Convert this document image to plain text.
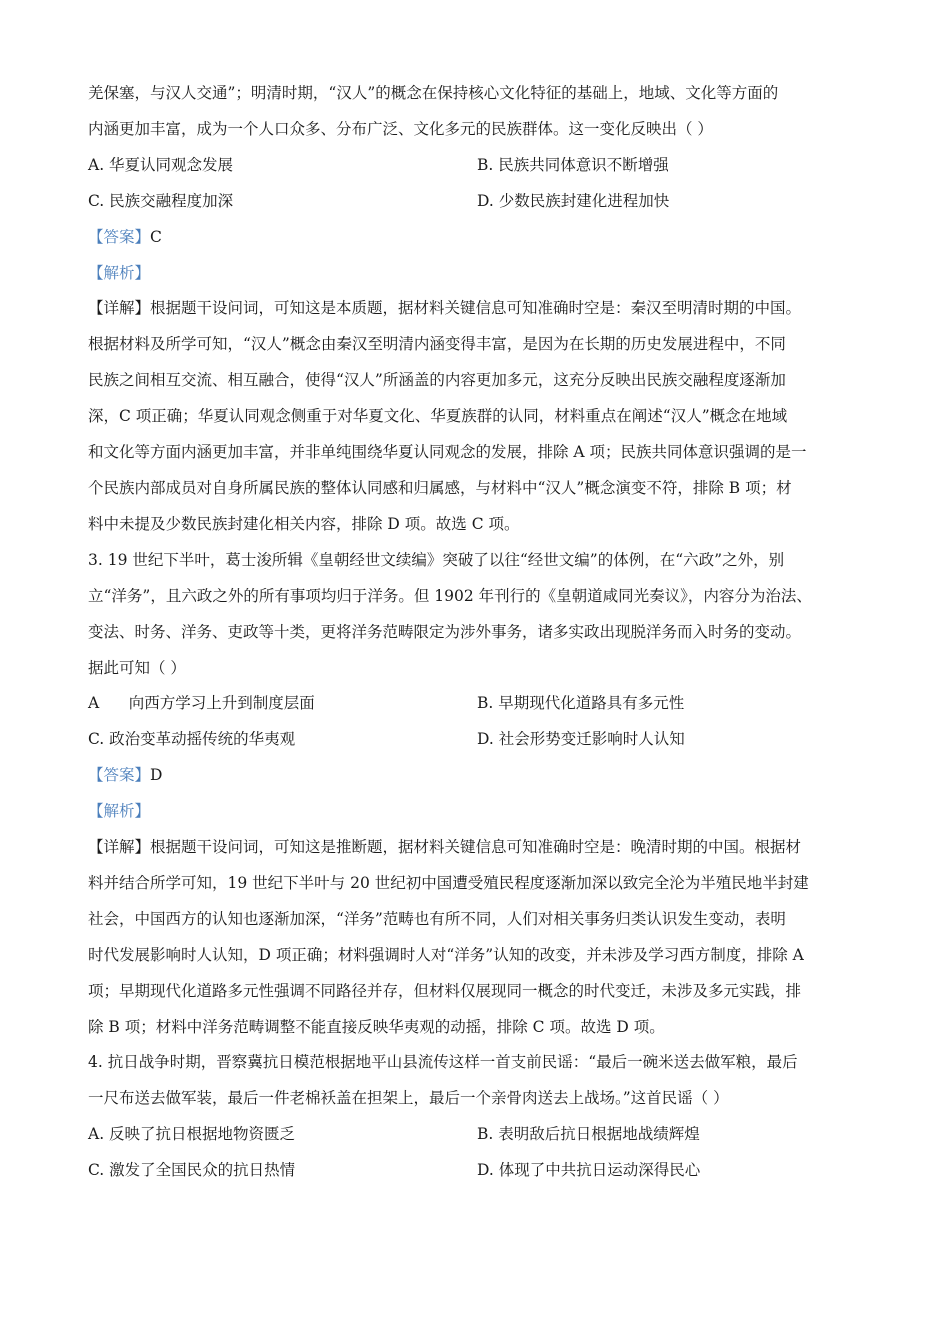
羌保塞，与汉人交通”；明清时期，“汉人”的概念在保持核心文化特征的基础上，地域、文化等方面的

内涵更加丰富，成为一个人口众多、分布广泛、文化多元的民族群体。这一变化反映出（ ）

A. 华夏认同观念发展	B. 民族共同体意识不断增强
C. 民族交融程度加深	D. 少数民族封建化进程加快

【答案】C

【解析】

【详解】根据题干设问词，可知这是本质题，据材料关键信息可知准确时空是：秦汉至明清时期的中国。

根据材料及所学可知，“汉人”概念由秦汉至明清内涵变得丰富，是因为在长期的历史发展进程中，不同

民族之间相互交流、相互融合，使得“汉人”所涵盖的内容更加多元，这充分反映出民族交融程度逐渐加

深，C 项正确；华夏认同观念侧重于对华夏文化、华夏族群的认同，材料重点在阐述“汉人”概念在地域

和文化等方面内涵更加丰富，并非单纯围绕华夏认同观念的发展，排除 A 项；民族共同体意识强调的是一

个民族内部成员对自身所属民族的整体认同感和归属感，与材料中“汉人”概念演变不符，排除 B 项；材

料中未提及少数民族封建化相关内容，排除 D 项。故选 C 项。

3. 19 世纪下半叶，葛士浚所辑《皇朝经世文续编》突破了以往“经世文编”的体例，在“六政”之外，别

立“洋务”，且六政之外的所有事项均归于洋务。但 1902 年刊行的《皇朝道咸同光奏议》，内容分为治法、

变法、时务、洋务、吏政等十类，更将洋务范畴限定为涉外事务，诸多实政出现脱洋务而入时务的变动。

据此可知（ ）

A      向西方学习上升到制度层面	B. 早期现代化道路具有多元性
C. 政治变革动摇传统的华夷观	D. 社会形势变迁影响时人认知

【答案】D

【解析】

【详解】根据题干设问词，可知这是推断题，据材料关键信息可知准确时空是：晚清时期的中国。根据材

料并结合所学可知，19 世纪下半叶与 20 世纪初中国遭受殖民程度逐渐加深以致完全沦为半殖民地半封建

社会，中国西方的认知也逐渐加深，“洋务”范畴也有所不同，人们对相关事务归类认识发生变动，表明

时代发展影响时人认知，D 项正确；材料强调时人对“洋务”认知的改变，并未涉及学习西方制度，排除 A

项；早期现代化道路多元性强调不同路径并存，但材料仅展现同一概念的时代变迁，未涉及多元实践，排

除 B 项；材料中洋务范畴调整不能直接反映华夷观的动摇，排除 C 项。故选 D 项。

4. 抗日战争时期，晋察冀抗日模范根据地平山县流传这样一首支前民谣：“最后一碗米送去做军粮，最后

一尺布送去做军装，最后一件老棉袄盖在担架上，最后一个亲骨肉送去上战场。”这首民谣（ ）

A. 反映了抗日根据地物资匮乏	B. 表明敌后抗日根据地战绩辉煌
C. 激发了全国民众的抗日热情	D. 体现了中共抗日运动深得民心
